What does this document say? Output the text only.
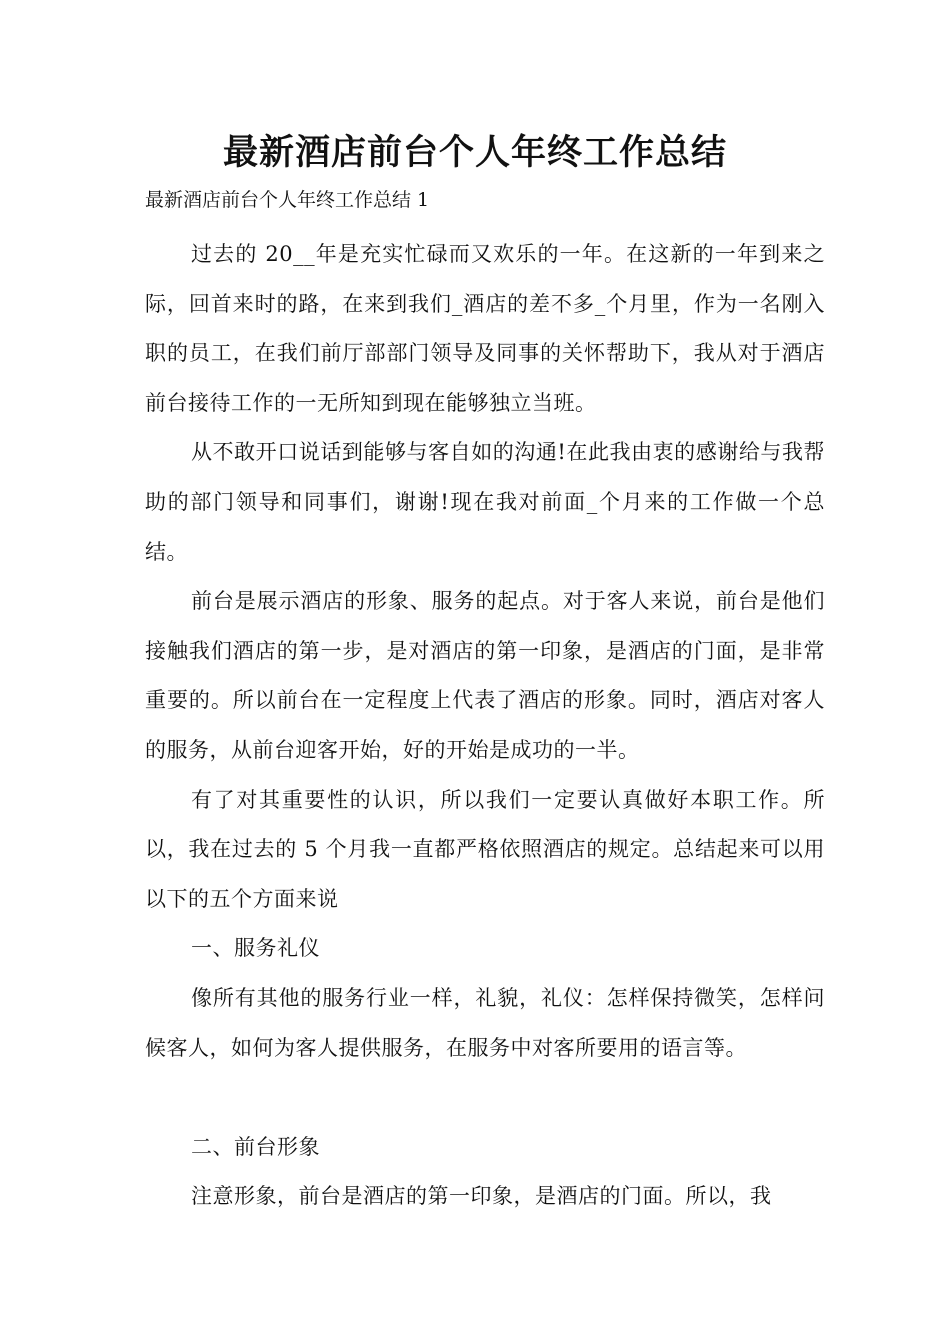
最新酒店前台个人年终工作总结

最新酒店前台个人年终工作总结 1

过去的 20__年是充实忙碌而又欢乐的一年。在这新的一年到来之际，回首来时的路，在来到我们_酒店的差不多_个月里，作为一名刚入职的员工，在我们前厅部部门领导及同事的关怀帮助下，我从对于酒店前台接待工作的一无所知到现在能够独立当班。

从不敢开口说话到能够与客自如的沟通!在此我由衷的感谢给与我帮助的部门领导和同事们，谢谢!现在我对前面_个月来的工作做一个总结。

前台是展示酒店的形象、服务的起点。对于客人来说，前台是他们接触我们酒店的第一步，是对酒店的第一印象，是酒店的门面，是非常重要的。所以前台在一定程度上代表了酒店的形象。同时，酒店对客人的服务，从前台迎客开始，好的开始是成功的一半。

有了对其重要性的认识，所以我们一定要认真做好本职工作。所以，我在过去的 5 个月我一直都严格依照酒店的规定。总结起来可以用以下的五个方面来说

一、服务礼仪

像所有其他的服务行业一样，礼貌，礼仪：怎样保持微笑，怎样问候客人，如何为客人提供服务，在服务中对客所要用的语言等。

二、前台形象

注意形象，前台是酒店的第一印象，是酒店的门面。所以，我
